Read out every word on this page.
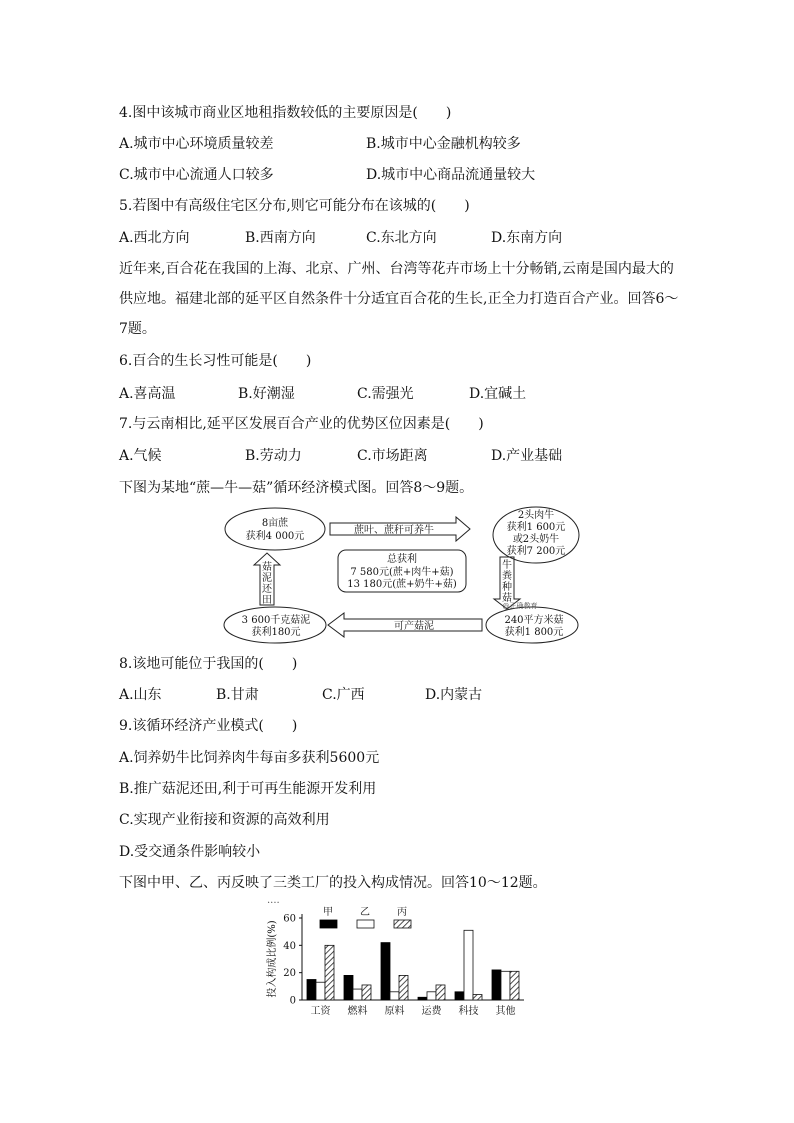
4.图中该城市商业区地租指数较低的主要原因是(　　)
A.城市中心环境质量较差	B.城市中心金融机构较多
C.城市中心流通人口较多	D.城市中心商品流通量较大
5.若图中有高级住宅区分布,则它可能分布在该城的(　　)
A.西北方向	B.西南方向	C.东北方向	D.东南方向
近年来,百合花在我国的上海、北京、广州、台湾等花卉市场上十分畅销,云南是国内最大的供应地。福建北部的延平区自然条件十分适宜百合花的生长,正全力打造百合产业。回答6～7题。
6.百合的生长习性可能是(　　)
A.喜高温	B.好潮湿	C.需强光	D.宜碱土
7.与云南相比,延平区发展百合产业的优势区位因素是(　　)
A.气候	B.劳动力	C.市场距离	D.产业基础
下图为某地“蔗—牛—菇”循环经济模式图。回答8～9题。
8亩蔗
获利4 000元
2头肉牛
获利1 600元
或2头奶牛
获利7 200元
240平方米菇
获利1 800元
3 600千克菇泥
获利180元
蔗叶、蔗秆可养牛
可产菇泥
总获利
7 580元(蔗+肉牛+菇)
13 180元(蔗+奶牛+菇)
牛
粪
种
菇
菇
泥
还
田	@正确教育
8.该地可能位于我国的(　　)
A.山东	B.甘肃	C.广西	D.内蒙古
9.该循环经济产业模式(　　)
A.饲养奶牛比饲养肉牛每亩多获利5600元
B.推广菇泥还田,利于可再生能源开发利用
C.实现产业衔接和资源的高效利用
D.受交通条件影响较小
下图中甲、乙、丙反映了三类工厂的投入构成情况。回答10～12题。
....
投入构成比例(%)
0
20
40
60
工资 燃料 原料 运费 科技 其他
甲	乙	丙
